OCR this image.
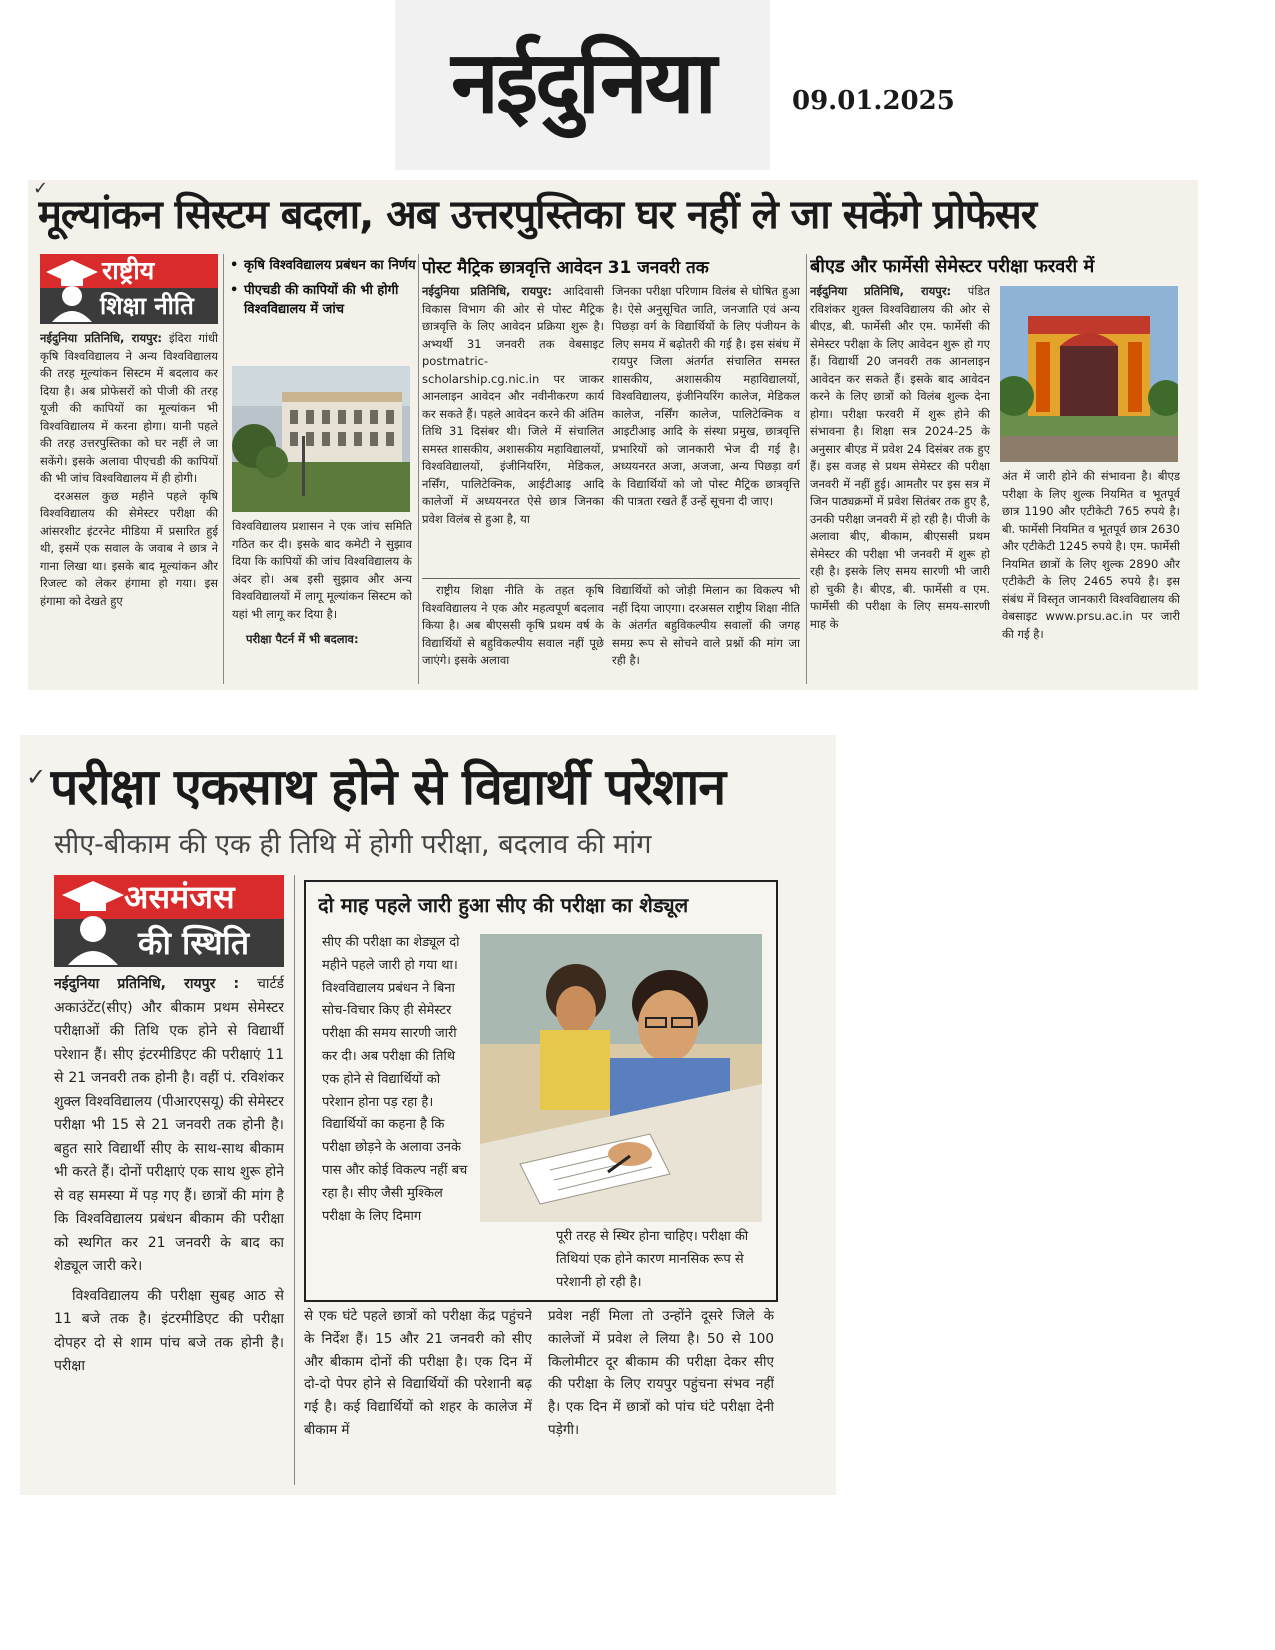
नईदुनिया	09.01.2025
✓
मूल्यांकन सिस्टम बदला, अब उत्तरपुस्तिका घर नहीं ले जा सकेंगे प्रोफेसर
राष्ट्रीय
शिक्षा नीति
नईदुनिया प्रतिनिधि, रायपुर: इंदिरा गांधी कृषि विश्वविद्यालय ने अन्य विश्वविद्यालय की तरह मूल्यांकन सिस्टम में बदलाव कर दिया है। अब प्रोफेसरों को पीजी की तरह यूजी की कापियों का मूल्यांकन भी विश्वविद्यालय में करना होगा। यानी पहले की तरह उत्तरपुस्तिका को घर नहीं ले जा सकेंगे। इसके अलावा पीएचडी की कापियों की भी जांच विश्वविद्यालय में ही होगी।
दरअसल कुछ महीने पहले कृषि विश्वविद्यालय की सेमेस्टर परीक्षा की आंसरशीट इंटरनेट मीडिया में प्रसारित हुई थी, इसमें एक सवाल के जवाब ने छात्र ने गाना लिखा था। इसके बाद मूल्यांकन और रिजल्ट को लेकर हंगामा हो गया। इस हंगामा को देखते हुए
• कृषि विश्वविद्यालय प्रबंधन का निर्णय
• पीएचडी की कापियों की भी होगी विश्वविद्यालय में जांच
विश्वविद्यालय प्रशासन ने एक जांच समिति गठित कर दी। इसके बाद कमेटी ने सुझाव दिया कि कापियों की जांच विश्वविद्यालय के अंदर हो। अब इसी सुझाव और अन्य विश्वविद्यालयों में लागू मूल्यांकन सिस्टम को यहां भी लागू कर दिया है।
परीक्षा पैटर्न में भी बदलाव:
पोस्ट मैट्रिक छात्रवृत्ति आवेदन 31 जनवरी तक
नईदुनिया प्रतिनिधि, रायपुर: आदिवासी विकास विभाग की ओर से पोस्ट मैट्रिक छात्रवृत्ति के लिए आवेदन प्रक्रिया शुरू है। अभ्यर्थी 31 जनवरी तक वेबसाइट postmatric-scholarship.cg.nic.in पर जाकर आनलाइन आवेदन और नवीनीकरण कार्य कर सकते हैं। पहले आवेदन करने की अंतिम तिथि 31 दिसंबर थी। जिले में संचालित समस्त शासकीय, अशासकीय महाविद्यालयों, विश्वविद्यालयों, इंजीनियरिंग, मेडिकल, नर्सिंग, पालिटेक्निक, आईटीआइ आदि कालेजों में अध्ययनरत ऐसे छात्र जिनका प्रवेश विलंब से हुआ है, या
जिनका परीक्षा परिणाम विलंब से घोषित हुआ है। ऐसे अनुसूचित जाति, जनजाति एवं अन्य पिछड़ा वर्ग के विद्यार्थियों के लिए पंजीयन के लिए समय में बढ़ोतरी की गई है। इस संबंध में रायपुर जिला अंतर्गत संचालित समस्त शासकीय, अशासकीय महाविद्यालयों, विश्वविद्यालय, इंजीनियरिंग कालेज, मेडिकल कालेज, नर्सिंग कालेज, पालिटेक्निक व आइटीआइ आदि के संस्था प्रमुख, छात्रवृत्ति प्रभारियों को जानकारी भेज दी गई है। अध्ययनरत अजा, अजजा, अन्य पिछड़ा वर्ग के विद्यार्थियों को जो पोस्ट मैट्रिक छात्रवृत्ति की पात्रता रखते हैं उन्हें सूचना दी जाए।
राष्ट्रीय शिक्षा नीति के तहत कृषि विश्वविद्यालय ने एक और महत्वपूर्ण बदलाव किया है। अब बीएससी कृषि प्रथम वर्ष के विद्यार्थियों से बहुविकल्पीय सवाल नहीं पूछे जाएंगे। इसके अलावा
विद्यार्थियों को जोड़ी मिलान का विकल्प भी नहीं दिया जाएगा। दरअसल राष्ट्रीय शिक्षा नीति के अंतर्गत बहुविकल्पीय सवालों की जगह समग्र रूप से सोचने वाले प्रश्नों की मांग जा रही है।
बीएड और फार्मेसी सेमेस्टर परीक्षा फरवरी में
नईदुनिया प्रतिनिधि, रायपुर: पंडित रविशंकर शुक्ल विश्वविद्यालय की ओर से बीएड, बी. फार्मेसी और एम. फार्मेसी की सेमेस्टर परीक्षा के लिए आवेदन शुरू हो गए हैं। विद्यार्थी 20 जनवरी तक आनलाइन आवेदन कर सकते हैं। इसके बाद आवेदन करने के लिए छात्रों को विलंब शुल्क देना होगा। परीक्षा फरवरी में शुरू होने की संभावना है। शिक्षा सत्र 2024-25 के अनुसार बीएड में प्रवेश 24 दिसंबर तक हुए हैं। इस वजह से प्रथम सेमेस्टर की परीक्षा जनवरी में नहीं हुई। आमतौर पर इस सत्र में जिन पाठ्यक्रमों में प्रवेश सितंबर तक हुए है, उनकी परीक्षा जनवरी में हो रही है। पीजी के अलावा बीए, बीकाम, बीएससी प्रथम सेमेस्टर की परीक्षा भी जनवरी में शुरू हो रही है। इसके लिए समय सारणी भी जारी हो चुकी है। बीएड, बी. फार्मेसी व एम. फार्मेसी की परीक्षा के लिए समय-सारणी माह के
अंत में जारी होने की संभावना है। बीएड परीक्षा के लिए शुल्क नियमित व भूतपूर्व छात्र 1190 और एटीकेटी 765 रुपये है। बी. फार्मेसी नियमित व भूतपूर्व छात्र 2630 और एटीकेटी 1245 रुपये है। एम. फार्मेसी नियमित छात्रों के लिए शुल्क 2890 और एटीकेटी के लिए 2465 रुपये है। इस संबंध में विस्तृत जानकारी विश्वविद्यालय की वेबसाइट www.prsu.ac.in पर जारी की गई है।
✓ परीक्षा एकसाथ होने से विद्यार्थी परेशान
सीए-बीकाम की एक ही तिथि में होगी परीक्षा, बदलाव की मांग
असमंजस
की स्थिति
नईदुनिया प्रतिनिधि, रायपुर : चार्टर्ड अकाउंटेंट(सीए) और बीकाम प्रथम सेमेस्टर परीक्षाओं की तिथि एक होने से विद्यार्थी परेशान हैं। सीए इंटरमीडिएट की परीक्षाएं 11 से 21 जनवरी तक होनी है। वहीं पं. रविशंकर शुक्ल विश्वविद्यालय (पीआरएसयू) की सेमेस्टर परीक्षा भी 15 से 21 जनवरी तक होनी है। बहुत सारे विद्यार्थी सीए के साथ-साथ बीकाम भी करते हैं। दोनों परीक्षाएं एक साथ शुरू होने से वह समस्या में पड़ गए हैं। छात्रों की मांग है कि विश्वविद्यालय प्रबंधन बीकाम की परीक्षा को स्थगित कर 21 जनवरी के बाद का शेड्यूल जारी करे।
विश्वविद्यालय की परीक्षा सुबह आठ से 11 बजे तक है। इंटरमीडिएट की परीक्षा दोपहर दो से शाम पांच बजे तक होनी है। परीक्षा
दो माह पहले जारी हुआ सीए की परीक्षा का शेड्यूल
सीए की परीक्षा का शेड्यूल दो महीने पहले जारी हो गया था। विश्वविद्यालय प्रबंधन ने बिना सोच-विचार किए ही सेमेस्टर परीक्षा की समय सारणी जारी कर दी। अब परीक्षा की तिथि एक होने से विद्यार्थियों को परेशान होना पड़ रहा है। विद्यार्थियों का कहना है कि परीक्षा छोड़ने के अलावा उनके पास और कोई विकल्प नहीं बच रहा है। सीए जैसी मुश्किल परीक्षा के लिए दिमाग
पूरी तरह से स्थिर होना चाहिए। परीक्षा की तिथियां एक होने कारण मानसिक रूप से परेशानी हो रही है।
से एक घंटे पहले छात्रों को परीक्षा केंद्र पहुंचने के निर्देश हैं। 15 और 21 जनवरी को सीए और बीकाम दोनों की परीक्षा है। एक दिन में दो-दो पेपर होने से विद्यार्थियों की परेशानी बढ़ गई है। कई विद्यार्थियों को शहर के कालेज में बीकाम में
प्रवेश नहीं मिला तो उन्होंने दूसरे जिले के कालेजों में प्रवेश ले लिया है। 50 से 100 किलोमीटर दूर बीकाम की परीक्षा देकर सीए की परीक्षा के लिए रायपुर पहुंचना संभव नहीं है। एक दिन में छात्रों को पांच घंटे परीक्षा देनी पड़ेगी।
